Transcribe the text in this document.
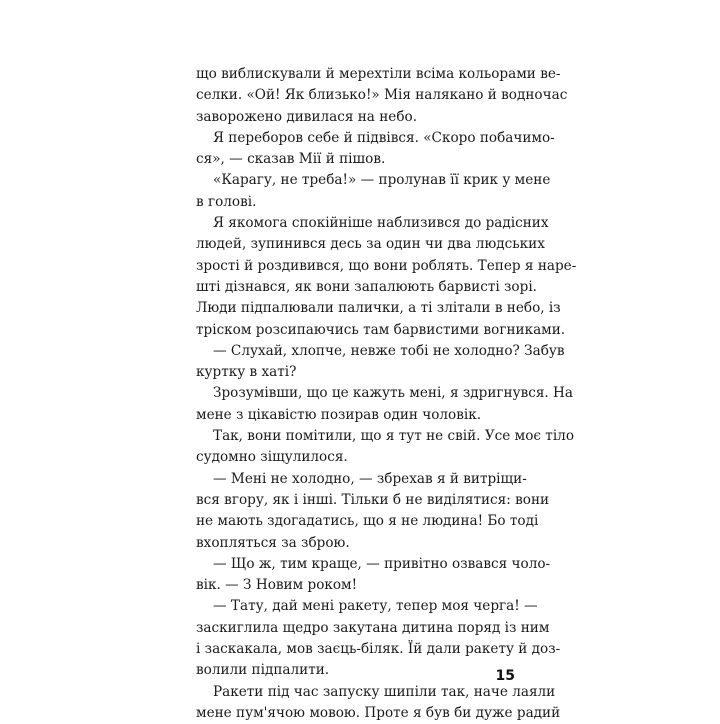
що виблискували й мерехтіли всіма кольорами ве-
селки. «Ой! Як близько!» Мія налякано й водночас
заворожено дивилася на небо.
Я переборов себе й підвівся. «Скоро побачимо-
ся», — сказав Мії й пішов.
«Карагу, не треба!» — пролунав її крик у мене
в голові.
Я якомога спокійніше наблизився до радісних
людей, зупинився десь за один чи два людських
зрості й роздивився, що вони роблять. Тепер я наре-
шті дізнався, як вони запалюють барвисті зорі.
Люди підпалювали палички, а ті злітали в небо, із
тріском розсипаючись там барвистими вогниками.
— Слухай, хлопче, невже тобі не холодно? Забув
куртку в хаті?
Зрозумівши, що це кажуть мені, я здригнувся. На
мене з цікавістю позирав один чоловік.
Так, вони помітили, що я тут не свій. Усе моє тіло
судомно зіщулилося.
— Мені не холодно, — збрехав я й витріщи-
вся вгору, як і інші. Тільки б не виділятися: вони
не мають здогадатись, що я не людина! Бо тоді
вхопляться за зброю.
— Що ж, тим краще, — привітно озвався чоло-
вік. — З Новим роком!
— Тату, дай мені ракету, тепер моя черга! —
заскиглила щедро закутана дитина поряд із ним
і заскакала, мов заєць-біляк. Їй дали ракету й доз-
волили підпалити.
Ракети під час запуску шипіли так, наче лаяли
мене пум'ячою мовою. Проте я був би дуже радий
15
